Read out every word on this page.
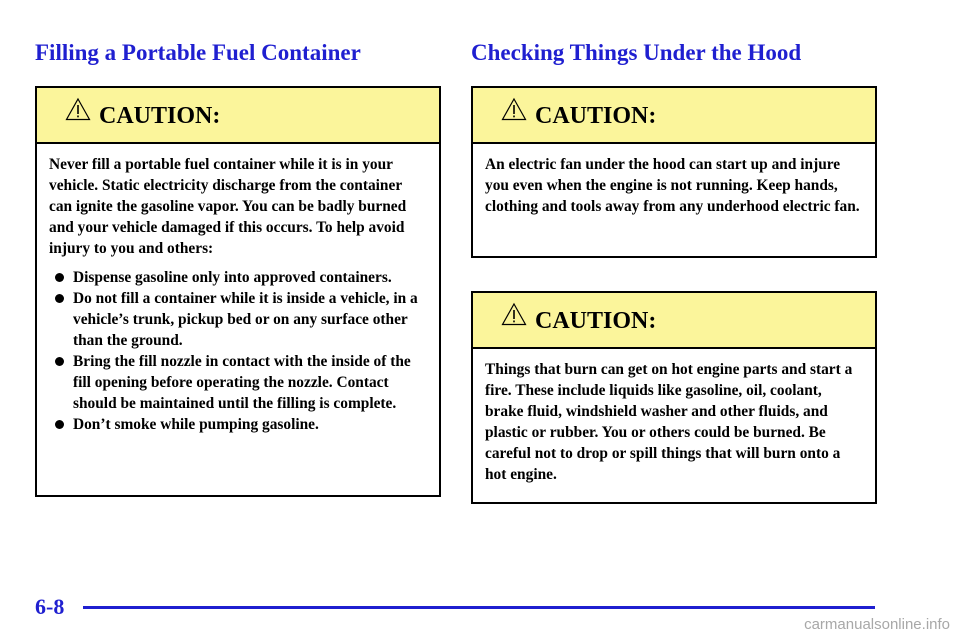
Filling a Portable Fuel Container	Checking Things Under the Hood
CAUTION:

Never fill a portable fuel container while it is in your vehicle. Static electricity discharge from the container can ignite the gasoline vapor. You can be badly burned and your vehicle damaged if this occurs. To help avoid injury to you and others:

Dispense gasoline only into approved containers.
Do not fill a container while it is inside a vehicle, in a vehicle’s trunk, pickup bed or on any surface other than the ground.
Bring the fill nozzle in contact with the inside of the fill opening before operating the nozzle. Contact should be maintained until the filling is complete.
Don’t smoke while pumping gasoline.
CAUTION:

An electric fan under the hood can start up and injure you even when the engine is not running. Keep hands, clothing and tools away from any underhood electric fan.

CAUTION:

Things that burn can get on hot engine parts and start a fire. These include liquids like gasoline, oil, coolant, brake fluid, windshield washer and other fluids, and plastic or rubber. You or others could be burned. Be careful not to drop or spill things that will burn onto a hot engine.

6-8
carmanualsonline.info
